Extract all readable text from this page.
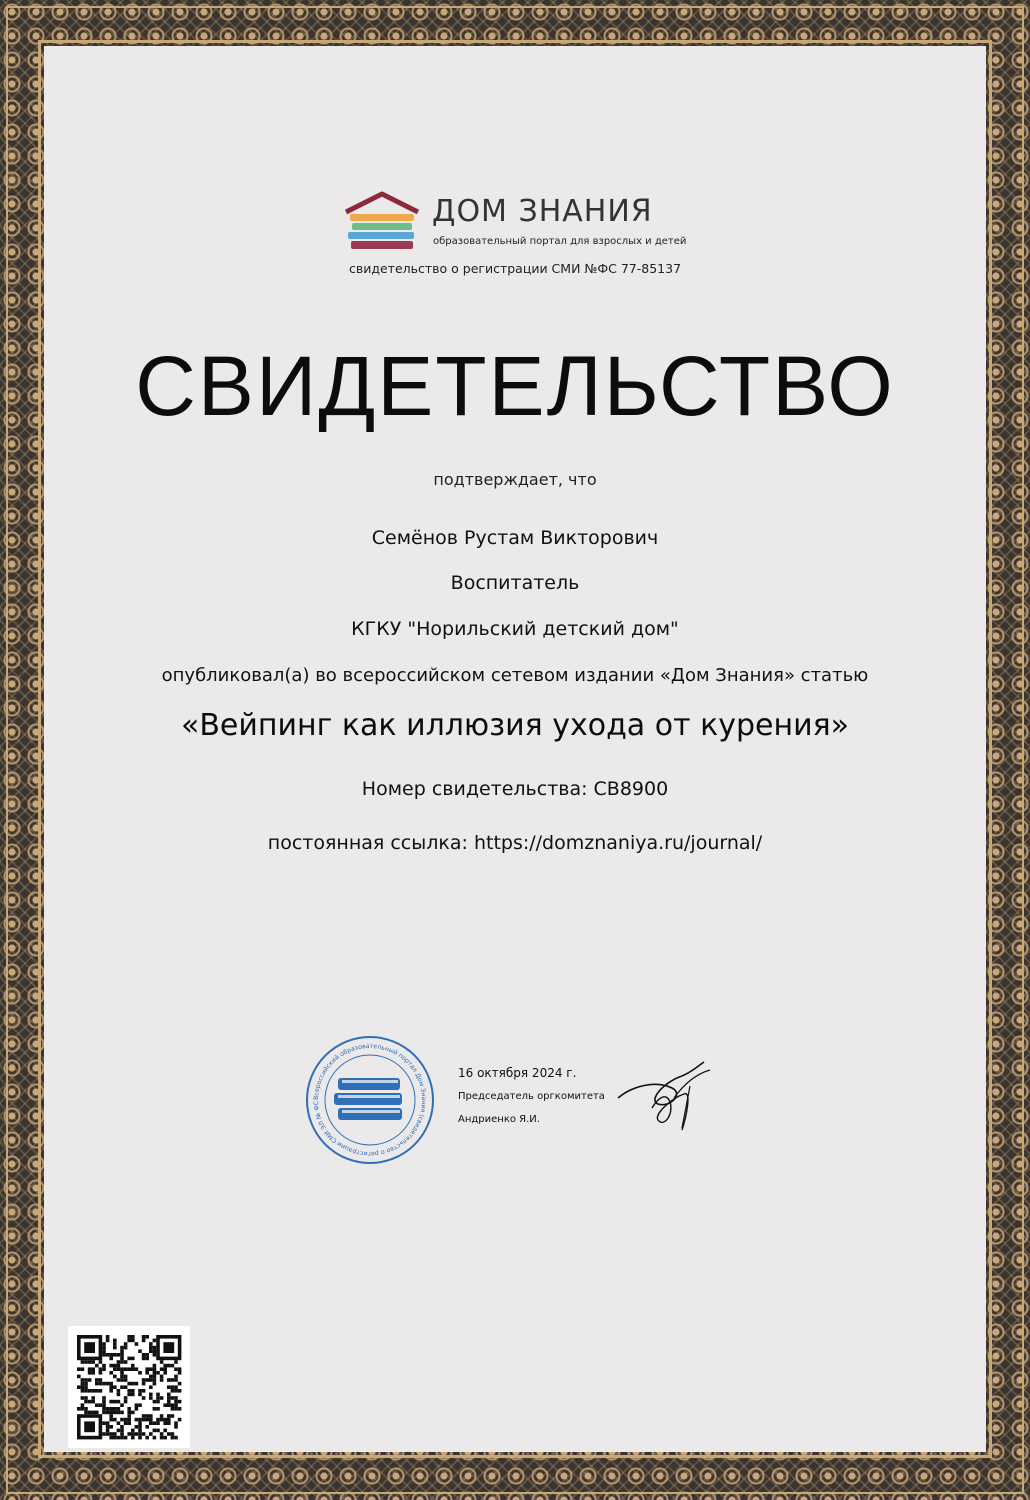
ДОМ ЗНАНИЯ
образовательный портал для взрослых и детей
свидетельство о регистрации СМИ №ФС 77-85137
СВИДЕТЕЛЬСТВО
подтверждает, что
Семёнов Рустам Викторович
Воспитатель
КГКУ "Норильский детский дом"
опубликовал(а) во всероссийском сетевом издании «Дом Знания» статью
«Вейпинг как иллюзия ухода от курения»
Номер свидетельства: СВ8900
постоянная ссылка: https://domznaniya.ru/journal/
Всероссийский образовательный портал Дом Знания (свидетельство о регистрации СМИ ЭЛ № ФС
16 октября 2024 г.
Председатель оргкомитета
Андриенко Я.И.
